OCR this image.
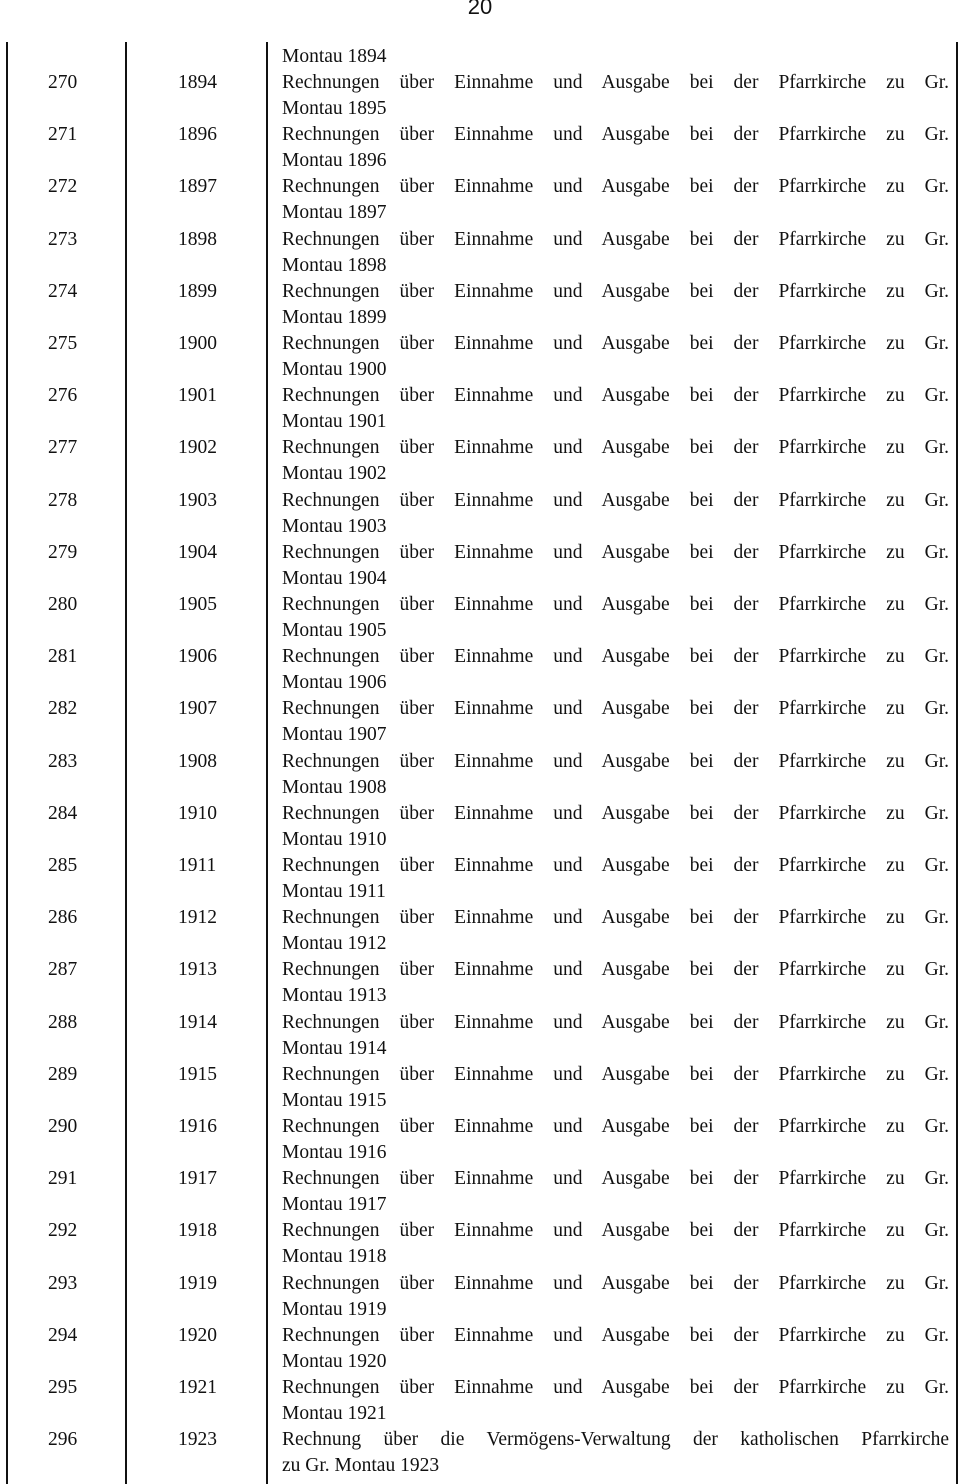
20
Montau 1894
270	1894	Rechnungen über Einnahme und Ausgabe bei der Pfarrkirche zu Gr.
Montau 1895
271	1896	Rechnungen über Einnahme und Ausgabe bei der Pfarrkirche zu Gr.
Montau 1896
272	1897	Rechnungen über Einnahme und Ausgabe bei der Pfarrkirche zu Gr.
Montau 1897
273	1898	Rechnungen über Einnahme und Ausgabe bei der Pfarrkirche zu Gr.
Montau 1898
274	1899	Rechnungen über Einnahme und Ausgabe bei der Pfarrkirche zu Gr.
Montau 1899
275	1900	Rechnungen über Einnahme und Ausgabe bei der Pfarrkirche zu Gr.
Montau 1900
276	1901	Rechnungen über Einnahme und Ausgabe bei der Pfarrkirche zu Gr.
Montau 1901
277	1902	Rechnungen über Einnahme und Ausgabe bei der Pfarrkirche zu Gr.
Montau 1902
278	1903	Rechnungen über Einnahme und Ausgabe bei der Pfarrkirche zu Gr.
Montau 1903
279	1904	Rechnungen über Einnahme und Ausgabe bei der Pfarrkirche zu Gr.
Montau 1904
280	1905	Rechnungen über Einnahme und Ausgabe bei der Pfarrkirche zu Gr.
Montau 1905
281	1906	Rechnungen über Einnahme und Ausgabe bei der Pfarrkirche zu Gr.
Montau 1906
282	1907	Rechnungen über Einnahme und Ausgabe bei der Pfarrkirche zu Gr.
Montau 1907
283	1908	Rechnungen über Einnahme und Ausgabe bei der Pfarrkirche zu Gr.
Montau 1908
284	1910	Rechnungen über Einnahme und Ausgabe bei der Pfarrkirche zu Gr.
Montau 1910
285	1911	Rechnungen über Einnahme und Ausgabe bei der Pfarrkirche zu Gr.
Montau 1911
286	1912	Rechnungen über Einnahme und Ausgabe bei der Pfarrkirche zu Gr.
Montau 1912
287	1913	Rechnungen über Einnahme und Ausgabe bei der Pfarrkirche zu Gr.
Montau 1913
288	1914	Rechnungen über Einnahme und Ausgabe bei der Pfarrkirche zu Gr.
Montau 1914
289	1915	Rechnungen über Einnahme und Ausgabe bei der Pfarrkirche zu Gr.
Montau 1915
290	1916	Rechnungen über Einnahme und Ausgabe bei der Pfarrkirche zu Gr.
Montau 1916
291	1917	Rechnungen über Einnahme und Ausgabe bei der Pfarrkirche zu Gr.
Montau 1917
292	1918	Rechnungen über Einnahme und Ausgabe bei der Pfarrkirche zu Gr.
Montau 1918
293	1919	Rechnungen über Einnahme und Ausgabe bei der Pfarrkirche zu Gr.
Montau 1919
294	1920	Rechnungen über Einnahme und Ausgabe bei der Pfarrkirche zu Gr.
Montau 1920
295	1921	Rechnungen über Einnahme und Ausgabe bei der Pfarrkirche zu Gr.
Montau 1921
296	1923	Rechnung über die Vermögens-Verwaltung der katholischen Pfarrkirche
zu Gr. Montau 1923
